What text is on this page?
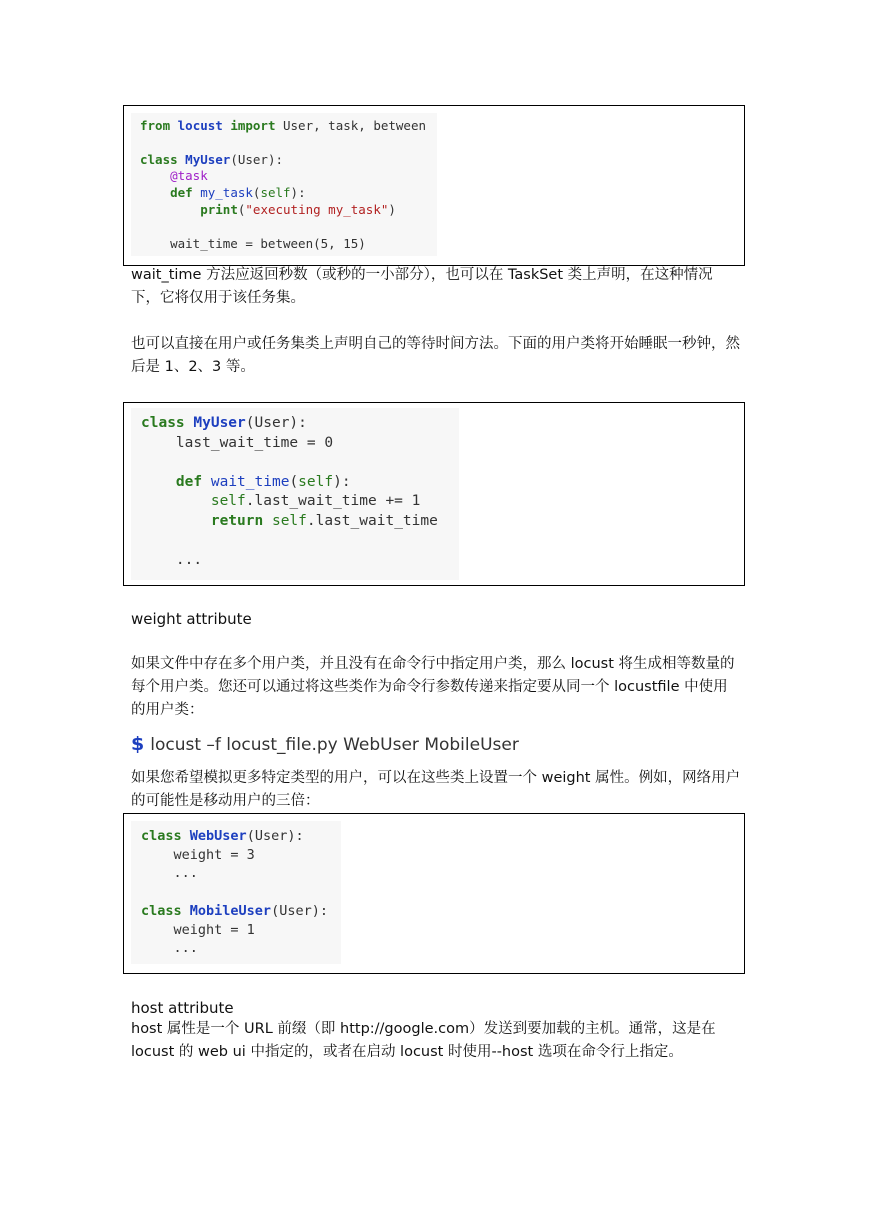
from locust import User, task, between

class MyUser(User):
@task
def my_task(self):
print("executing my_task")

wait_time = between(5, 15)
wait_time 方法应返回秒数（或秒的一小部分），也可以在 TaskSet 类上声明，在这种情况下，它将仅用于该任务集。
也可以直接在用户或任务集类上声明自己的等待时间方法。下面的用户类将开始睡眠一秒钟，然后是 1、2、3 等。
class MyUser(User):
last_wait_time = 0

def wait_time(self):
self.last_wait_time += 1
return self.last_wait_time

...
weight attribute
如果文件中存在多个用户类，并且没有在命令行中指定用户类，那么 locust 将生成相等数量的每个用户类。您还可以通过将这些类作为命令行参数传递来指定要从同一个 locustfile 中使用的用户类：
$ locust –f locust_file.py WebUser MobileUser
如果您希望模拟更多特定类型的用户，可以在这些类上设置一个 weight 属性。例如，网络用户的可能性是移动用户的三倍：
class WebUser(User):
weight = 3
...

class MobileUser(User):
weight = 1
...
host attribute
host 属性是一个 URL 前缀（即 http://google.com）发送到要加载的主机。通常，这是在 locust 的 web ui 中指定的，或者在启动 locust 时使用--host 选项在命令行上指定。
